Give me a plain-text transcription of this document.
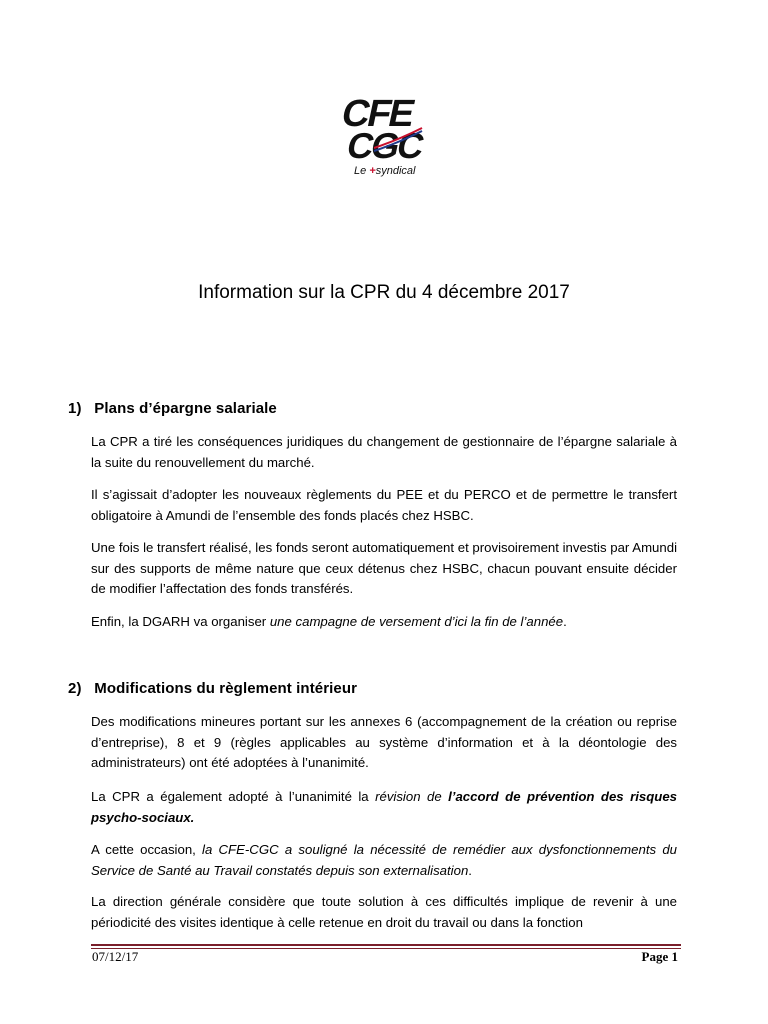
CFE
CGC
Le +syndical
Information sur la CPR du 4 décembre 2017
1) Plans d’épargne salariale
La CPR a tiré les conséquences juridiques du changement de gestionnaire de l’épargne salariale à la suite du renouvellement du marché.
Il s’agissait d’adopter les nouveaux règlements du PEE et du PERCO et de permettre le transfert obligatoire à Amundi de l’ensemble des fonds placés chez HSBC.
Une fois le transfert réalisé, les fonds seront automatiquement et provisoirement investis par Amundi sur des supports de même nature que ceux détenus chez HSBC, chacun pouvant ensuite décider de modifier l’affectation des fonds transférés.
Enfin, la DGARH va organiser une campagne de versement d’ici la fin de l’année.
2) Modifications du règlement intérieur
Des modifications mineures portant sur les annexes 6 (accompagnement de la création ou reprise d’entreprise), 8 et 9 (règles applicables au système d’information et à la déontologie des administrateurs) ont été adoptées à l’unanimité.
La CPR a également adopté à l’unanimité la révision de l’accord de prévention des risques psycho-sociaux.
A cette occasion, la CFE-CGC a souligné la nécessité de remédier aux dysfonctionnements du Service de Santé au Travail constatés depuis son externalisation.
La direction générale considère que toute solution à ces difficultés implique de revenir à une périodicité des visites identique à celle retenue en droit du travail ou dans la fonction
07/12/17	Page 1
